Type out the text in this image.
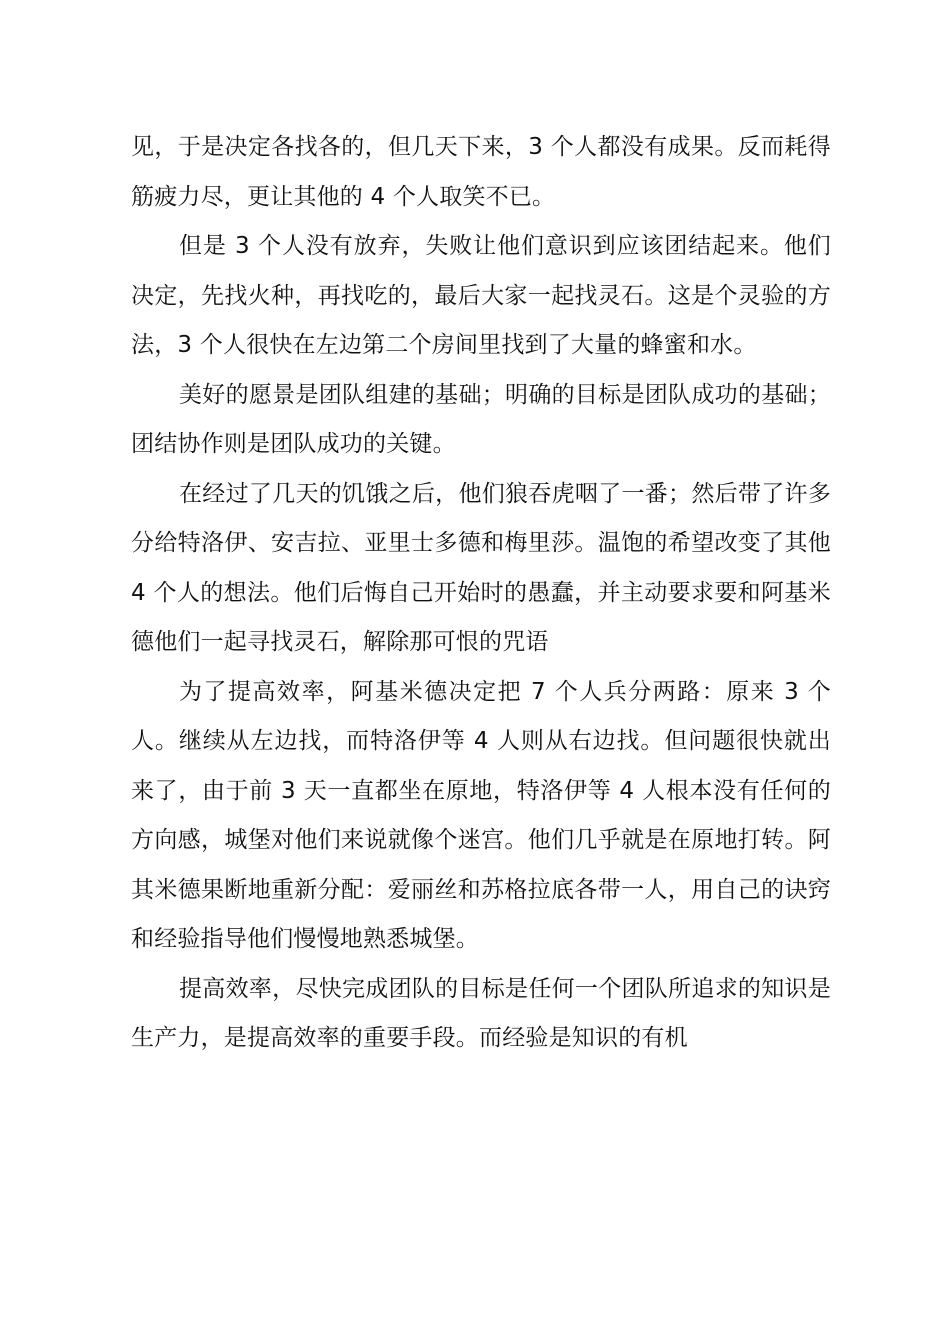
见，于是决定各找各的，但几天下来，3 个人都没有成果。反而耗得筋疲力尽，更让其他的 4 个人取笑不已。

但是 3 个人没有放弃，失败让他们意识到应该团结起来。他们决定，先找火种，再找吃的，最后大家一起找灵石。这是个灵验的方法，3 个人很快在左边第二个房间里找到了大量的蜂蜜和水。

美好的愿景是团队组建的基础；明确的目标是团队成功的基础；团结协作则是团队成功的关键。

在经过了几天的饥饿之后，他们狼吞虎咽了一番；然后带了许多分给特洛伊、安吉拉、亚里士多德和梅里莎。温饱的希望改变了其他 4 个人的想法。他们后悔自己开始时的愚蠢，并主动要求要和阿基米德他们一起寻找灵石，解除那可恨的咒语

为了提高效率，阿基米德决定把 7 个人兵分两路：原来 3 个人。继续从左边找，而特洛伊等 4 人则从右边找。但问题很快就出来了，由于前 3 天一直都坐在原地，特洛伊等 4 人根本没有任何的方向感，城堡对他们来说就像个迷宫。他们几乎就是在原地打转。阿其米德果断地重新分配：爱丽丝和苏格拉底各带一人，用自己的诀窍和经验指导他们慢慢地熟悉城堡。

提高效率，尽快完成团队的目标是任何一个团队所追求的知识是生产力，是提高效率的重要手段。而经验是知识的有机
